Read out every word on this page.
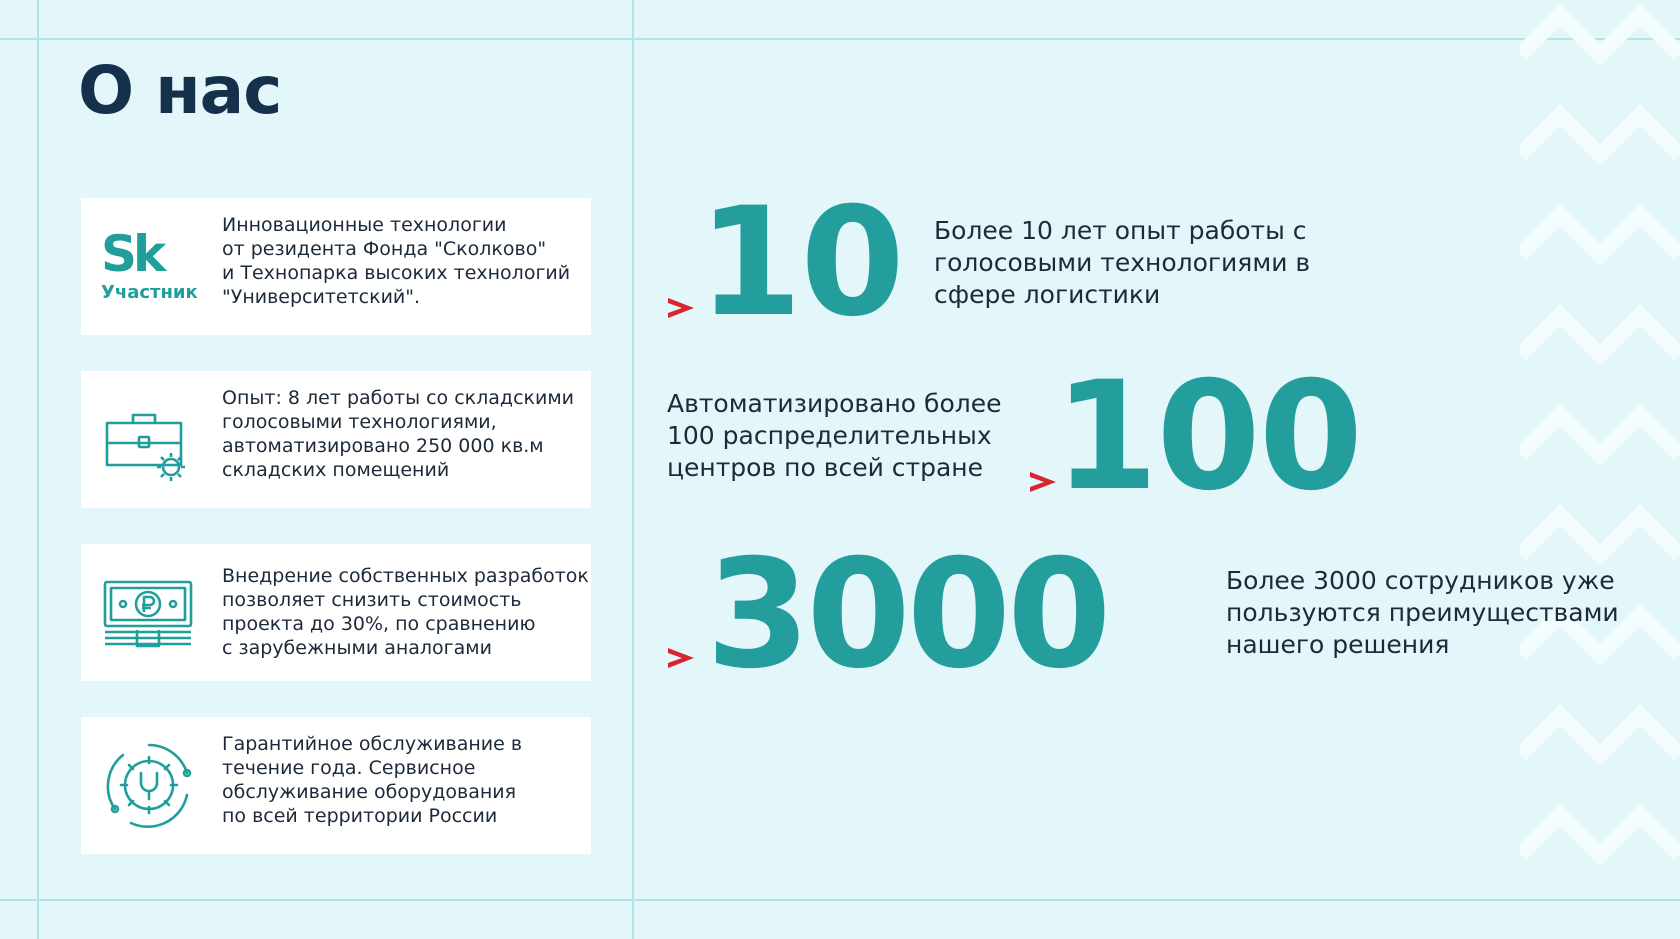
О нас
Sk
Участник
Инновационные технологии
от резидента Фонда "Сколково"
и Технопарка высоких технологий
"Университетский".
Опыт: 8 лет работы со складскими
голосовыми технологиями,
автоматизировано 250 000 кв.м
складских помещений
Внедрение собственных разработок
позволяет снизить стоимость
проекта до 30%, по сравнению
с зарубежными аналогами
Гарантийное обслуживание в
течение года. Сервисное
обслуживание оборудования
по всей территории России
10 Более 10 лет опыт работы с
голосовыми технологиями в
сфере логистики
Автоматизировано более
100 распределительных
центров по всей стране 100
3000	Более 3000 сотрудников уже
пользуются преимуществами
нашего решения
